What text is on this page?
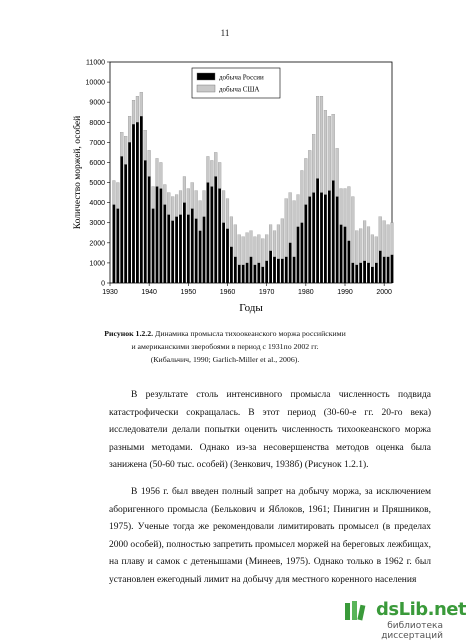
11
0
1000
2000
3000
4000
5000
6000
7000
8000
9000
10000
11000
1930	1940	1950	1960	1970	1980	1990	2000
добыча России
добыча США
Количество моржей, особей
Годы
Рисунок 1.2.2. Динамика промысла тихоокеанского моржа российскими
и американскими зверобоями в период с 1931по 2002 гг.
(Кибальчич, 1990; Garlich-Miller et al., 2006).

В результате столь интенсивного промысла численность подвида катастрофически сокращалась. В этот период (30-60-е гг. 20-го века) исследователи делали попытки оценить численность тихоокеанского моржа разными методами. Однако из-за несовершенства методов оценка была занижена (50-60 тыс. особей) (Зенкович, 1938б) (Рисунок 1.2.1).

В 1956 г. был введен полный запрет на добычу моржа, за исключением аборигенного промысла (Белькович и Яблоков, 1961; Пинигин и Пряшников, 1975). Ученые тогда же рекомендовали лимитировать промысел (в пределах 2000 особей), полностью запретить промысел моржей на береговых лежбищах, на плаву и самок с детенышами (Минеев, 1975). Однако только в 1962 г. был установлен ежегодный лимит на добычу для местного коренного населения

dsLib.net
библиотека диссертаций
